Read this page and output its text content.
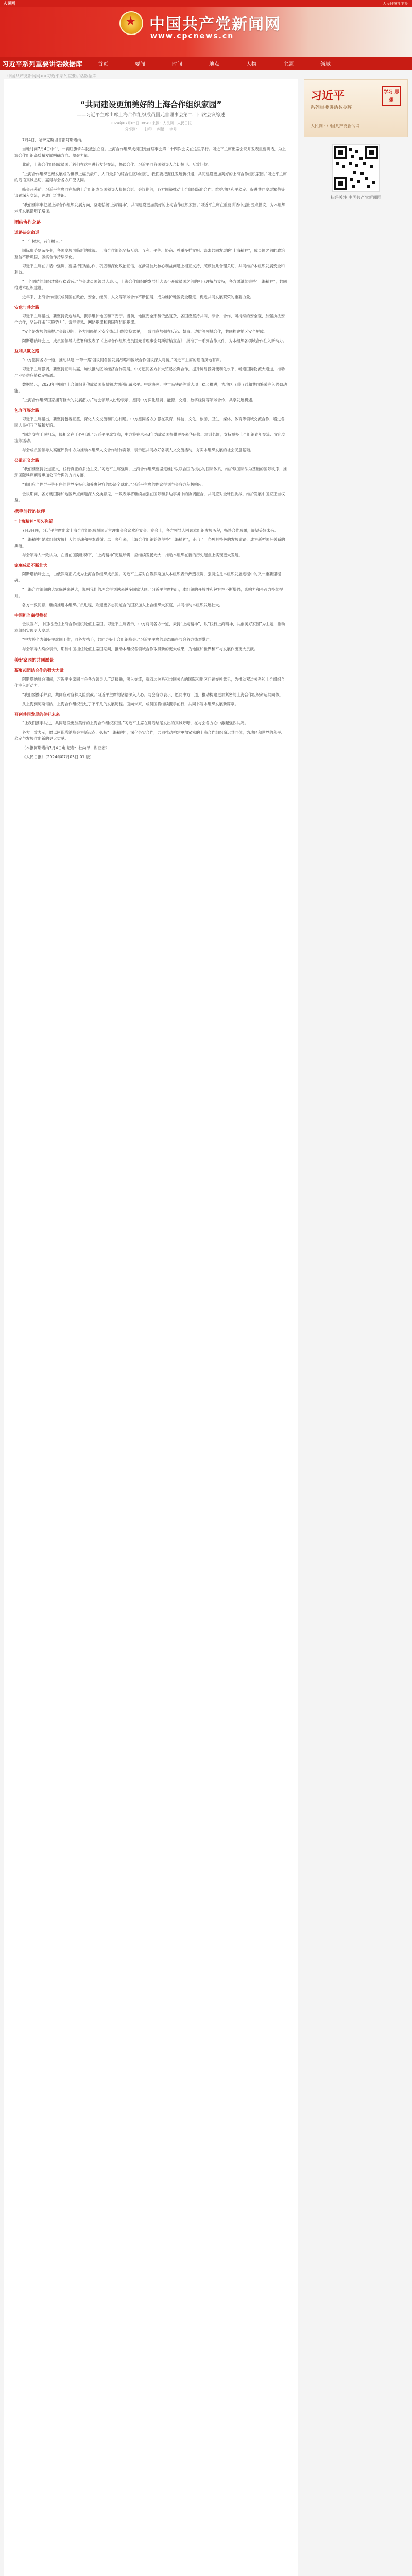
人民网	人民日报社主办
★ 中国共产党新闻网
www.cpcnews.cn
习近平系列重要讲话数据库	首页	要闻	时间	地点	人物	主题	领域
中国共产党新闻网>>习近平系列重要讲话数据库
“共同建设更加美好的上海合作组织家园”
——习近平主席出席上海合作组织成员国元首理事会第二十四次会议综述
2024年07月05日 08:49 来源：人民网－人民日报
分享到： 打印 纠错 字号

7月4日，哈萨克斯坦首都阿斯塔纳。

当地时间7月4日中午，一辆红旗轿车驶抵独立宫。上海合作组织成员国元首理事会第二十四次会议在这里举行。习近平主席出席会议并发表重要讲话，为上海合作组织高质量发展明确方向、凝聚力量。

此前，上海合作组织成员国元首们在这里进行友好交流，畅谈合作。习近平同各国领导人亲切握手、互致问候。

“上海合作组织已经发展成为世界上幅员最广、人口最多的综合性区域组织，我们要把握住发展新机遇，共同建设更加美好的上海合作组织家园。”习近平主席的话语真诚恳切，赢得与会各方广泛认同。

峰会开幕前，习近平主席同在场的上合组织成员国领导人集体合影。会议期间，各方围绕推动上合组织深化合作、维护地区和平稳定、促进共同发展繁荣等议题深入交流，达成广泛共识。

“我们要牢牢把握上海合作组织发展方向，坚定弘扬‘上海精神’，共同建设更加美好的上海合作组织家园。”习近平主席在重要讲话中提出五点倡议，为本组织未来发展指明了路径。

团结协作之路

道路决定命运

“十年树木，百年树人。”

国际形势复杂多变，各国发展面临新的挑战。上海合作组织坚持互信、互利、平等、协商、尊重多样文明、谋求共同发展的“上海精神”，成员国之间的政治互信不断巩固，务实合作持续深化。

习近平主席在讲话中强调，要坚持团结协作，巩固和深化政治互信，在涉及彼此核心利益问题上相互支持，照顾彼此合理关切，共同维护本组织发展安全和利益。

“一个团结的组织才能行稳致远。”与会成员国领导人表示，上海合作组织的发展壮大离不开成员国之间的相互理解与支持，各方愿继续秉持“上海精神”，共同推进本组织建设。

近年来，上海合作组织成员国在政治、安全、经济、人文等领域合作不断拓展，成为维护地区安全稳定、促进共同发展繁荣的重要力量。

安危与共之路

习近平主席指出，要坚持安危与共，携手维护地区和平安宁。当前，地区安全形势依然复杂，各国应坚持共同、综合、合作、可持续的安全观，加强执法安全合作，坚决打击“三股势力”、毒品走私、网络犯罪和跨国有组织犯罪。

“安全是发展的前提。”会议期间，各方围绕地区安全热点问题交换意见，一致同意加强在反恐、禁毒、边防等领域合作，共同构建地区安全屏障。

阿斯塔纳峰会上，成员国领导人签署和发表了《上海合作组织成员国元首理事会阿斯塔纳宣言》，批准了一系列合作文件，为本组织各领域合作注入新动力。

互利共赢之路

“中方愿同各方一道，推动共建‘一带一路’倡议同各国发展战略和区域合作倡议深入对接。”习近平主席的话语掷地有声。

习近平主席强调，要坚持互利共赢，加快推动区域经济合作发展。中方愿同各方扩大贸易投资合作，提升贸易投资便利化水平，畅通国际物流大通道，推动产业链供应链稳定畅通。

数据显示，2023年中国同上合组织其他成员国贸易额达到创纪录水平。中欧班列、中吉乌铁路等重大项目稳步推进，为地区互联互通和共同繁荣注入强劲动能。

“上海合作组织国家拥有巨大的发展潜力。”与会领导人纷纷表示，愿同中方深化经贸、能源、交通、数字经济等领域合作，共享发展机遇。

包容互鉴之路

习近平主席指出，要坚持包容互鉴，深化人文交流和民心相通。中方愿同各方加强在教育、科技、文化、旅游、卫生、媒体、体育等领域交流合作，增进各国人民相互了解和友谊。

“国之交在于民相亲，民相亲在于心相通。”习近平主席宣布，中方将在未来3年为成员国提供更多来华研修、培训名额，支持举办上合组织青年交流、文化交流等活动。

与会成员国领导人高度评价中方为推动本组织人文合作所作贡献，表示愿共同办好各项人文交流活动，夯实本组织发展的社会民意基础。

公道正义之路

“我们要坚持公道正义，践行真正的多边主义。”习近平主席强调，上海合作组织要坚定维护以联合国为核心的国际体系，维护以国际法为基础的国际秩序，推动国际秩序朝着更加公正合理的方向发展。

“我们应当倡导平等有序的世界多极化和普惠包容的经济全球化。”习近平主席的倡议得到与会各方积极响应。

会议期间，各方就国际和地区热点问题深入交换意见，一致表示将继续加强在国际和多边事务中的协调配合，共同应对全球性挑战，维护发展中国家正当权益。

携手前行的伙伴

“上海精神”历久弥新

7月3日晚，习近平主席出席上海合作组织成员国元首理事会会议欢迎宴会。宴会上，各方领导人回顾本组织发展历程，畅谈合作成果，展望美好未来。

“上海精神”是本组织发展壮大的灵魂和根本遵循。二十多年来，上海合作组织始终坚持“上海精神”，走出了一条独具特色的发展道路，成为新型国际关系的典范。

与会领导人一致认为，在当前国际形势下，“上海精神”更显珍贵，应继续发扬光大，推动本组织在新的历史起点上实现更大发展。

家庭成员不断壮大

阿斯塔纳峰会上，白俄罗斯正式成为上海合作组织成员国。习近平主席对白俄罗斯加入本组织表示热烈祝贺，强调这是本组织发展进程中的又一重要里程碑。

“上海合作组织的大家庭越来越大，说明我们的理念得到越来越多国家认同。”习近平主席指出，本组织的开放性和包容性不断增强，影响力和号召力持续提升。

各方一致同意，继续推进本组织扩员进程，欢迎更多志同道合的国家加入上合组织大家庭，共同推动本组织发展壮大。

中国担当赢得赞誉

会议宣布，中国将接任上海合作组织轮值主席国。习近平主席表示，中方将同各方一道，秉持“上海精神”，以“践行上海精神，共创美好家园”为主题，推动本组织实现更大发展。

“中方将全力做好主席国工作，同各方携手，共同办好上合组织峰会。”习近平主席的表态赢得与会各方热烈掌声。

与会领导人纷纷表示，期待中国担任轮值主席国期间，推动本组织各领域合作取得新的更大成果，为地区和世界和平与发展作出更大贡献。

美好家园的共同愿景

凝聚起团结合作的强大力量

阿斯塔纳峰会期间，习近平主席同与会各方领导人广泛接触，深入交流，就双边关系和共同关心的国际和地区问题交换意见，为推动双边关系和上合组织合作注入新动力。

“我们要携手并肩，共同应对各种风险挑战。”习近平主席的话语深入人心。与会各方表示，愿同中方一道，推动构建更加紧密的上海合作组织命运共同体。

从上海到阿斯塔纳，上海合作组织走过了不平凡的发展历程。面向未来，成员国将继续携手前行，共同书写本组织发展新篇章。

开创共同发展的美好未来

“让我们携手共进，共同建设更加美好的上海合作组织家园。”习近平主席在讲话结尾发出的真诚呼吁，在与会各方心中激起强烈共鸣。

各方一致表示，愿以阿斯塔纳峰会为新起点，弘扬“上海精神”，深化务实合作，共同推动构建更加紧密的上海合作组织命运共同体，为地区和世界的和平、稳定与发展作出新的更大贡献。

（本报阿斯塔纳7月4日电 记者：杜尚泽、谢亚宏）

《人民日报》（2024年07月05日 01 版）

习近平
系列重要讲话数据库
学习 思想
人民网 · 中国共产党新闻网
扫码关注 中国共产党新闻网
